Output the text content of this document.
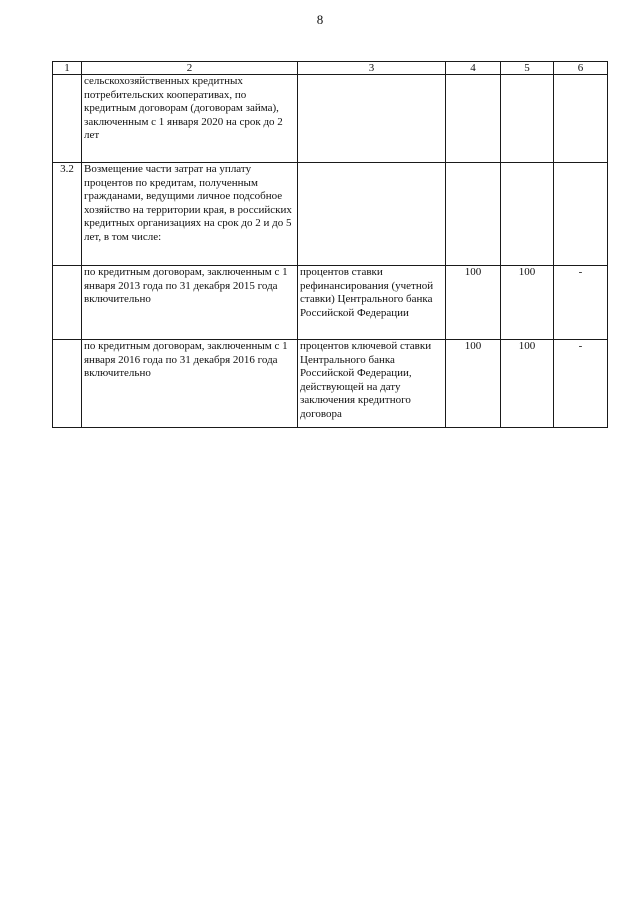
8
1	2	3	4	5	6
	сельскохозяйственных кредитных потребительских кооперативах, по кредитным договорам (договорам займа), заключенным с 1 января 2020 на срок до 2 лет				
3.2	Возмещение части затрат на уплату процентов по кредитам, полученным гражданами, ведущими личное подсобное хозяйство на территории края, в российских кредитных организациях на срок до 2 и до 5 лет, в том числе:				
	по кредитным договорам, заключенным с 1 января 2013 года по 31 декабря 2015 года включительно	процентов ставки рефинансирования (учетной ставки) Центрального банка Российской Федерации	100	100	-
	по кредитным договорам, заключенным с 1 января 2016 года по 31 декабря 2016 года включительно	процентов ключевой ставки Центрального банка Российской Федерации, действующей на дату заключения кредитного договора	100	100	-
